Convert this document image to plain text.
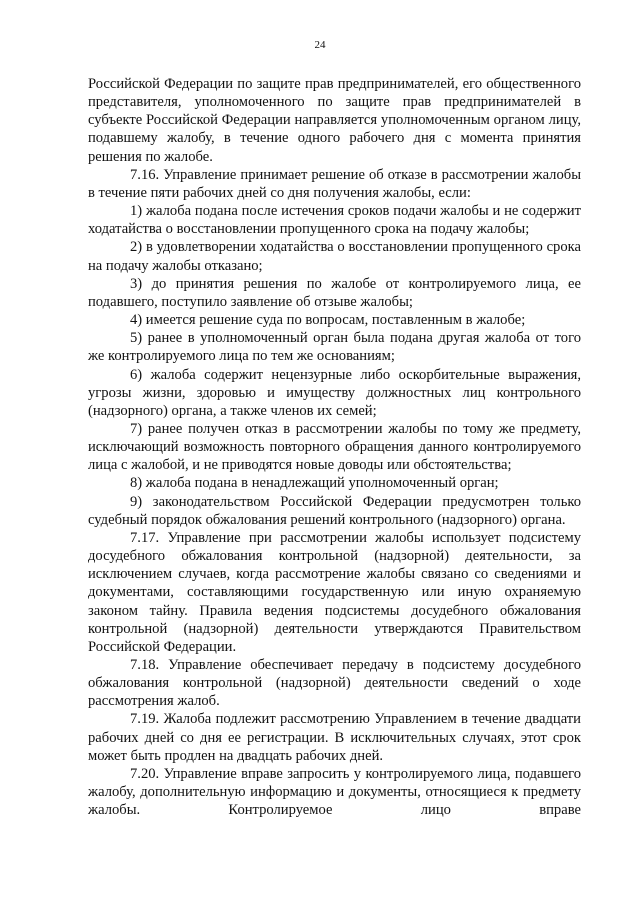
24

Российской Федерации по защите прав предпринимателей, его общественного представителя, уполномоченного по защите прав предпринимателей в субъекте Российской Федерации направляется уполномоченным органом лицу, подавшему жалобу, в течение одного рабочего дня с момента принятия решения по жалобе.

7.16. Управление принимает решение об отказе в рассмотрении жалобы в течение пяти рабочих дней со дня получения жалобы, если:

1) жалоба подана после истечения сроков подачи жалобы и не содержит ходатайства о восстановлении пропущенного срока на подачу жалобы;

2) в удовлетворении ходатайства о восстановлении пропущенного срока на подачу жалобы отказано;

3) до принятия решения по жалобе от контролируемого лица, ее подавшего, поступило заявление об отзыве жалобы;

4) имеется решение суда по вопросам, поставленным в жалобе;

5) ранее в уполномоченный орган была подана другая жалоба от того же контролируемого лица по тем же основаниям;

6) жалоба содержит нецензурные либо оскорбительные выражения, угрозы жизни, здоровью и имуществу должностных лиц контрольного (надзорного) органа, а также членов их семей;

7) ранее получен отказ в рассмотрении жалобы по тому же предмету, исключающий возможность повторного обращения данного контролируемого лица с жалобой, и не приводятся новые доводы или обстоятельства;

8) жалоба подана в ненадлежащий уполномоченный орган;

9) законодательством Российской Федерации предусмотрен только судебный порядок обжалования решений контрольного (надзорного) органа.

7.17. Управление при рассмотрении жалобы использует подсистему досудебного обжалования контрольной (надзорной) деятельности, за исключением случаев, когда рассмотрение жалобы связано со сведениями и документами, составляющими государственную или иную охраняемую законом тайну. Правила ведения подсистемы досудебного обжалования контрольной (надзорной) деятельности утверждаются Правительством Российской Федерации.

7.18. Управление обеспечивает передачу в подсистему досудебного обжалования контрольной (надзорной) деятельности сведений о ходе рассмотрения жалоб.

7.19. Жалоба подлежит рассмотрению Управлением в течение двадцати рабочих дней со дня ее регистрации. В исключительных случаях, этот срок может быть продлен на двадцать рабочих дней.

7.20. Управление вправе запросить у контролируемого лица, подавшего жалобу, дополнительную информацию и документы, относящиеся к предмету жалобы. Контролируемое лицо вправе
